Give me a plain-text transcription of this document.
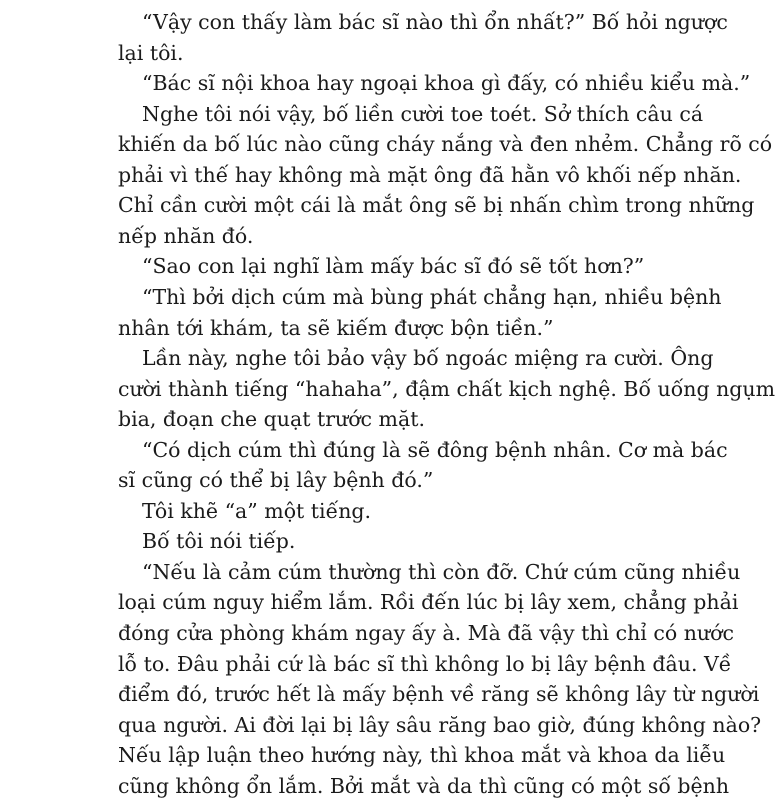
“Vậy con thấy làm bác sĩ nào thì ổn nhất?” Bố hỏi ngược
lại tôi.
“Bác sĩ nội khoa hay ngoại khoa gì đấy, có nhiều kiểu mà.”
Nghe tôi nói vậy, bố liền cười toe toét. Sở thích câu cá
khiến da bố lúc nào cũng cháy nắng và đen nhẻm. Chẳng rõ có
phải vì thế hay không mà mặt ông đã hằn vô khối nếp nhăn.
Chỉ cần cười một cái là mắt ông sẽ bị nhấn chìm trong những
nếp nhăn đó.
“Sao con lại nghĩ làm mấy bác sĩ đó sẽ tốt hơn?”
“Thì bởi dịch cúm mà bùng phát chẳng hạn, nhiều bệnh
nhân tới khám, ta sẽ kiếm được bộn tiền.”
Lần này, nghe tôi bảo vậy bố ngoác miệng ra cười. Ông
cười thành tiếng “hahaha”, đậm chất kịch nghệ. Bố uống ngụm
bia, đoạn che quạt trước mặt.
“Có dịch cúm thì đúng là sẽ đông bệnh nhân. Cơ mà bác
sĩ cũng có thể bị lây bệnh đó.”
Tôi khẽ “a” một tiếng.
Bố tôi nói tiếp.
“Nếu là cảm cúm thường thì còn đỡ. Chứ cúm cũng nhiều
loại cúm nguy hiểm lắm. Rồi đến lúc bị lây xem, chẳng phải
đóng cửa phòng khám ngay ấy à. Mà đã vậy thì chỉ có nước
lỗ to. Đâu phải cứ là bác sĩ thì không lo bị lây bệnh đâu. Về
điểm đó, trước hết là mấy bệnh về răng sẽ không lây từ người
qua người. Ai đời lại bị lây sâu răng bao giờ, đúng không nào?
Nếu lập luận theo hướng này, thì khoa mắt và khoa da liễu
cũng không ổn lắm. Bởi mắt và da thì cũng có một số bệnh
